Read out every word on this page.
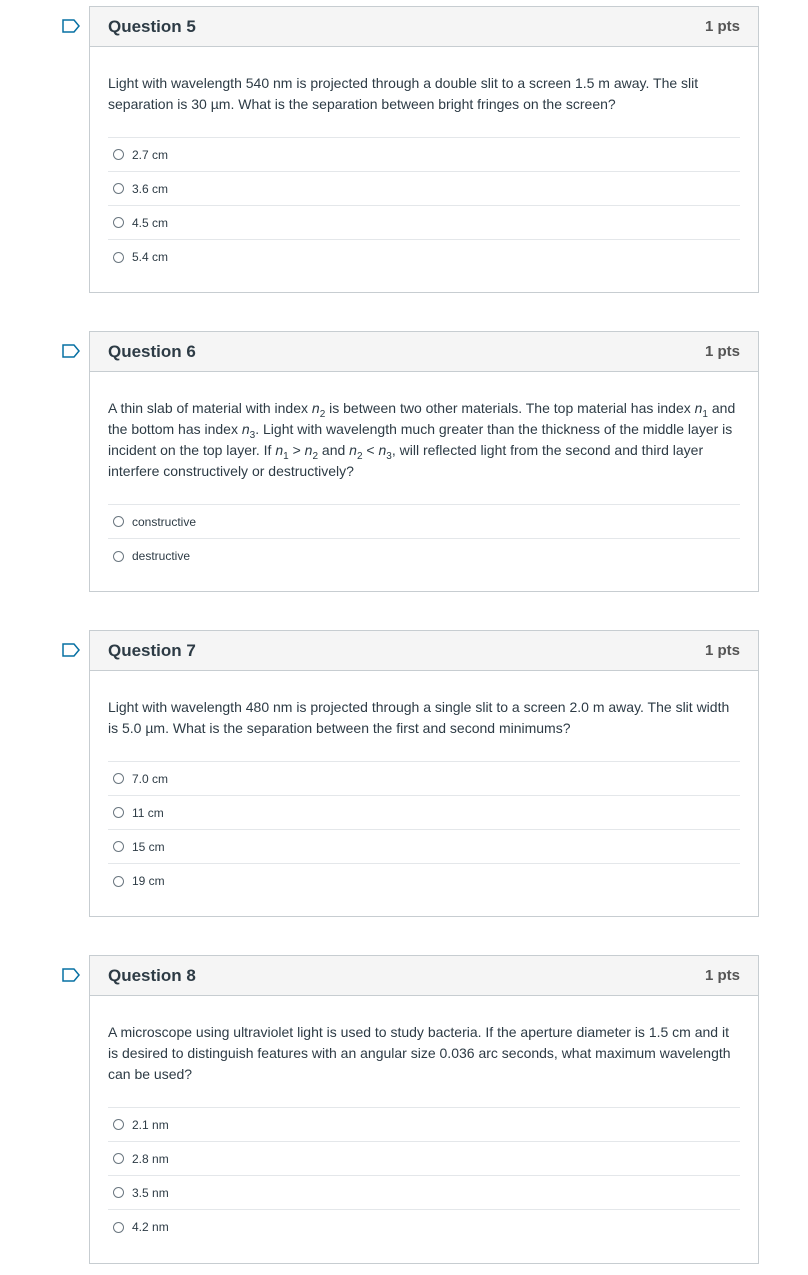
Question 5	1 pts

Light with wavelength 540 nm is projected through a double slit to a screen 1.5 m away. The slit separation is 30 µm. What is the separation between bright fringes on the screen?

2.7 cm
3.6 cm
4.5 cm
5.4 cm
Question 6	1 pts

A thin slab of material with index $n_2$ is between two other materials. The top material has index $n_1$ and the bottom has index $n_3$. Light with wavelength much greater than the thickness of the middle layer is incident on the top layer. If $n_1 > n_2$ and $n_2 < n_3$, will reflected light from the second and third layer interfere constructively or destructively?

constructive
destructive
Question 7	1 pts

Light with wavelength 480 nm is projected through a single slit to a screen 2.0 m away. The slit width is 5.0 µm. What is the separation between the first and second minimums?

7.0 cm
11 cm
15 cm
19 cm
Question 8	1 pts

A microscope using ultraviolet light is used to study bacteria. If the aperture diameter is 1.5 cm and it is desired to distinguish features with an angular size 0.036 arc seconds, what maximum wavelength can be used?

2.1 nm
2.8 nm
3.5 nm
4.2 nm
